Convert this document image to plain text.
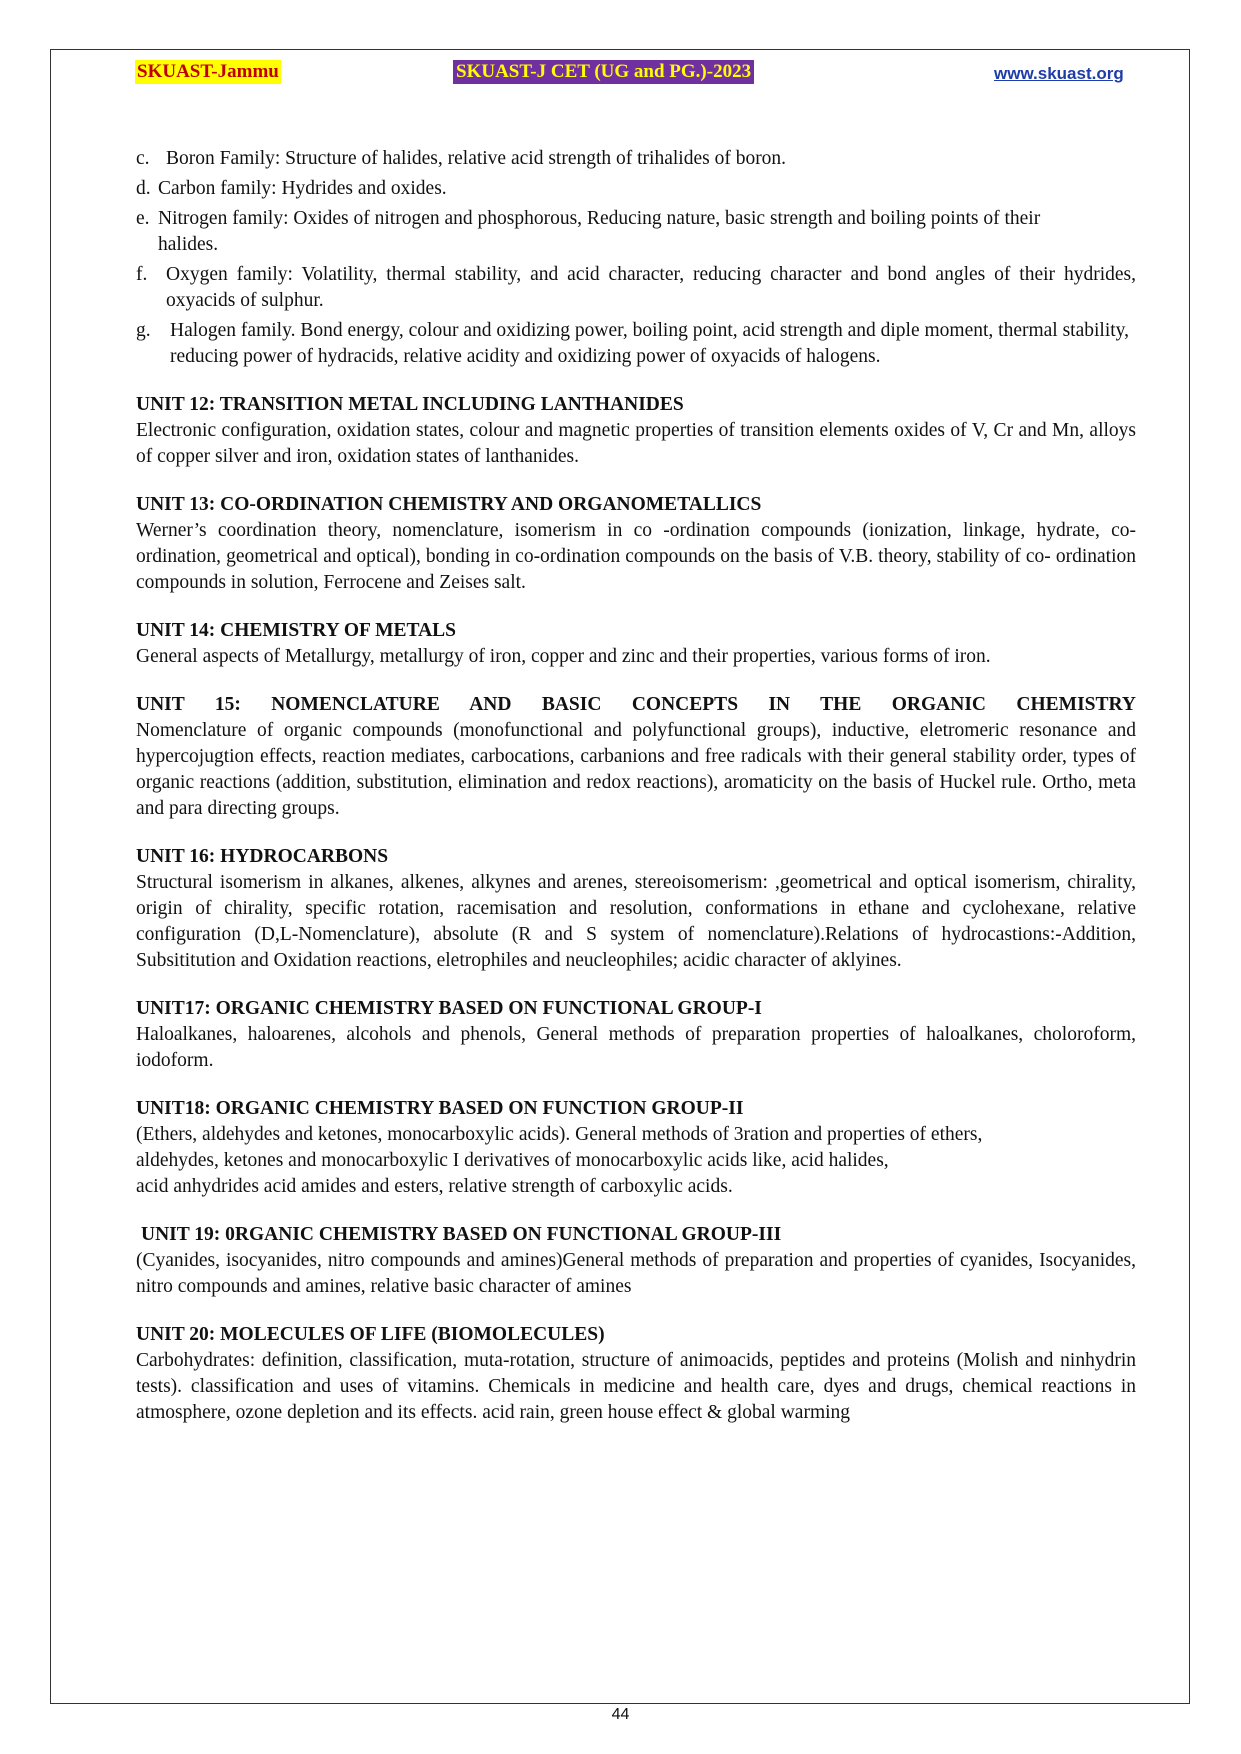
SKUAST-Jammu	SKUAST-J CET (UG and PG.)-2023	www.skuast.org
c. Boron Family: Structure of halides, relative acid strength of trihalides of boron.
d. Carbon family: Hydrides and oxides.
e. Nitrogen family: Oxides of nitrogen and phosphorous, Reducing nature, basic strength and boiling points of their halides.
f. Oxygen family: Volatility, thermal stability, and acid character, reducing character and bond angles of their hydrides, oxyacids of sulphur.
g. Halogen family. Bond energy, colour and oxidizing power, boiling point, acid strength and diple moment, thermal stability, reducing power of hydracids, relative acidity and oxidizing power of oxyacids of halogens.
UNIT 12: TRANSITION METAL INCLUDING LANTHANIDES
Electronic configuration, oxidation states, colour and magnetic properties of transition elements oxides of V, Cr and Mn, alloys of copper silver and iron, oxidation states of lanthanides.
UNIT 13: CO-ORDINATION CHEMISTRY AND ORGANOMETALLICS
Werner’s coordination theory, nomenclature, isomerism in co -ordination compounds (ionization, linkage, hydrate, co-ordination, geometrical and optical), bonding in co-ordination compounds on the basis of V.B. theory, stability of co- ordination compounds in solution, Ferrocene and Zeises salt.
UNIT 14: CHEMISTRY OF METALS
General aspects of Metallurgy, metallurgy of iron, copper and zinc and their properties, various forms of iron.
UNIT 15: NOMENCLATURE AND BASIC CONCEPTS IN THE ORGANIC CHEMISTRY
Nomenclature of organic compounds (monofunctional and polyfunctional groups), inductive, eletromeric resonance and hypercojugtion effects, reaction mediates, carbocations, carbanions and free radicals with their general stability order, types of organic reactions (addition, substitution, elimination and redox reactions), aromaticity on the basis of Huckel rule. Ortho, meta and para directing groups.
UNIT 16: HYDROCARBONS
Structural isomerism in alkanes, alkenes, alkynes and arenes, stereoisomerism: ,geometrical and optical isomerism, chirality, origin of chirality, specific rotation, racemisation and resolution, conformations in ethane and cyclohexane, relative configuration (D,L-Nomenclature), absolute (R and S system of nomenclature).Relations of hydrocastions:-Addition, Subsititution and Oxidation reactions, eletrophiles and neucleophiles; acidic character of aklyines.
UNIT17: ORGANIC CHEMISTRY BASED ON FUNCTIONAL GROUP-I
Haloalkanes, haloarenes, alcohols and phenols, General methods of preparation properties of haloalkanes, choloroform, iodoform.
UNIT18: ORGANIC CHEMISTRY BASED ON FUNCTION GROUP-II
(Ethers, aldehydes and ketones, monocarboxylic acids). General methods of 3ration and properties of ethers,
aldehydes, ketones and monocarboxylic I derivatives of monocarboxylic acids like, acid halides,
acid anhydrides acid amides and esters, relative strength of carboxylic acids.
UNIT 19: 0RGANIC CHEMISTRY BASED ON FUNCTIONAL GROUP-III
(Cyanides, isocyanides, nitro compounds and amines)General methods of preparation and properties of cyanides, Isocyanides, nitro compounds and amines, relative basic character of amines
UNIT 20: MOLECULES OF LIFE (BIOMOLECULES)
Carbohydrates: definition, classification, muta-rotation, structure of animoacids, peptides and proteins (Molish and ninhydrin tests). classification and uses of vitamins. Chemicals in medicine and health care, dyes and drugs, chemical reactions in atmosphere, ozone depletion and its effects. acid rain, green house effect & global warming
44
